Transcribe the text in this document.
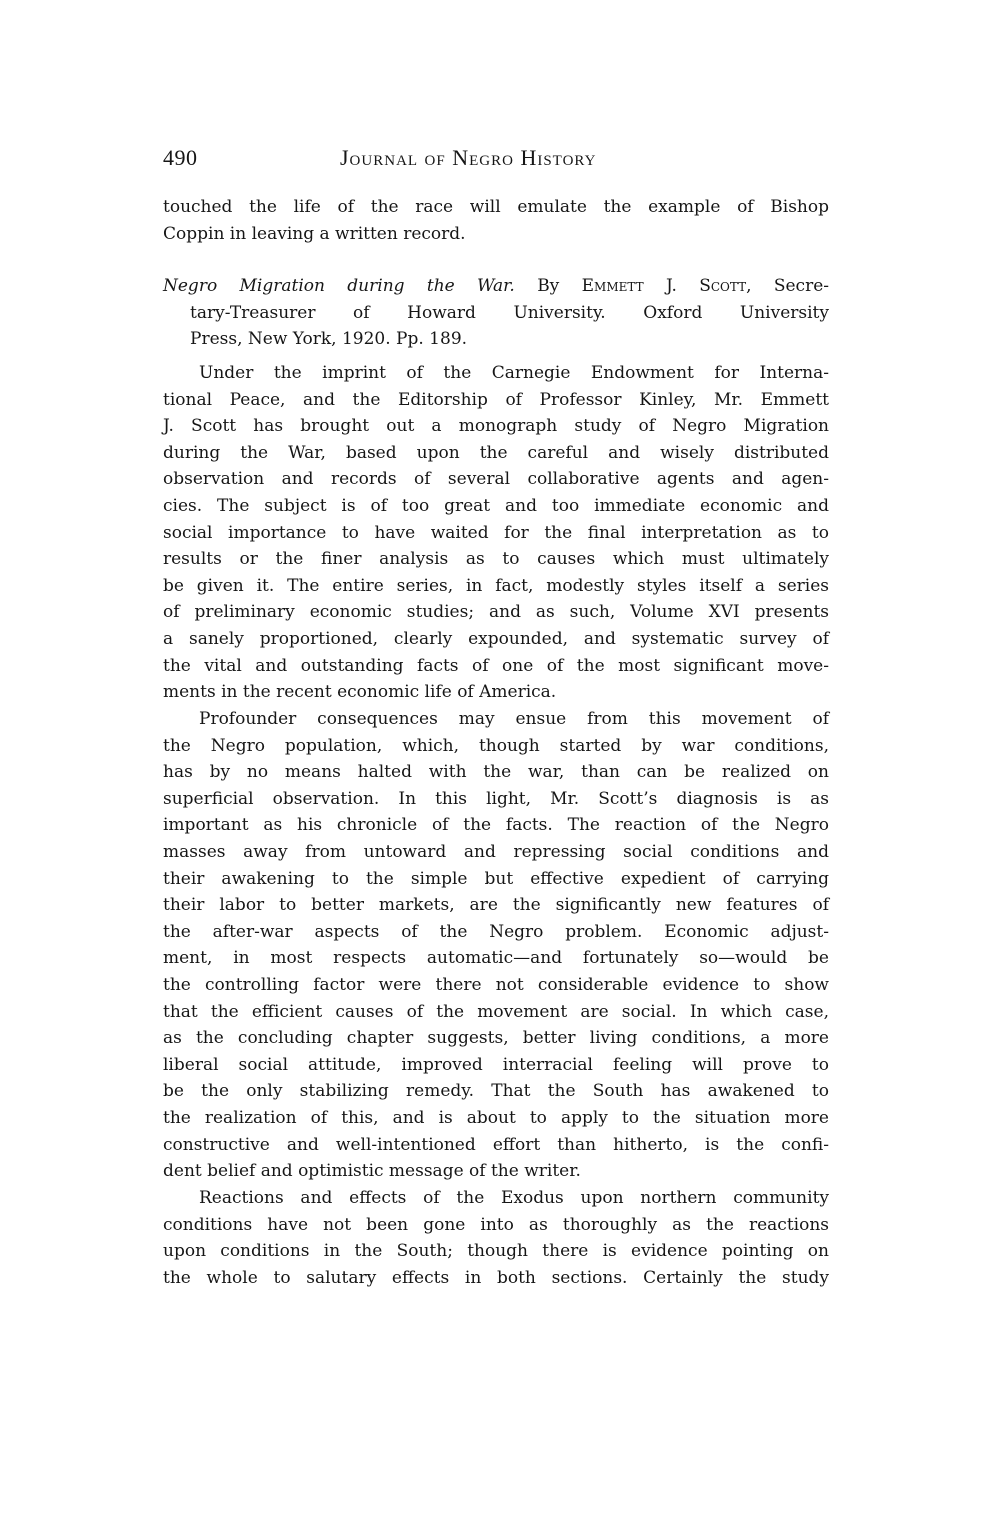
490	Journal of Negro History
touched the life of the race will emulate the example of Bishop
Coppin in leaving a written record.
Negro Migration during the War. By Emmett J. Scott, Secre-
tary-Treasurer of Howard University. Oxford University
Press, New York, 1920. Pp. 189.
Under the imprint of the Carnegie Endowment for Interna-
tional Peace, and the Editorship of Professor Kinley, Mr. Emmett
J. Scott has brought out a monograph study of Negro Migration
during the War, based upon the careful and wisely distributed
observation and records of several collaborative agents and agen-
cies. The subject is of too great and too immediate economic and
social importance to have waited for the final interpretation as to
results or the finer analysis as to causes which must ultimately
be given it. The entire series, in fact, modestly styles itself a series
of preliminary economic studies; and as such, Volume XVI presents
a sanely proportioned, clearly expounded, and systematic survey of
the vital and outstanding facts of one of the most significant move-
ments in the recent economic life of America.
Profounder consequences may ensue from this movement of
the Negro population, which, though started by war conditions,
has by no means halted with the war, than can be realized on
superficial observation. In this light, Mr. Scott’s diagnosis is as
important as his chronicle of the facts. The reaction of the Negro
masses away from untoward and repressing social conditions and
their awakening to the simple but effective expedient of carrying
their labor to better markets, are the significantly new features of
the after-war aspects of the Negro problem. Economic adjust-
ment, in most respects automatic—and fortunately so—would be
the controlling factor were there not considerable evidence to show
that the efficient causes of the movement are social. In which case,
as the concluding chapter suggests, better living conditions, a more
liberal social attitude, improved interracial feeling will prove to
be the only stabilizing remedy. That the South has awakened to
the realization of this, and is about to apply to the situation more
constructive and well-intentioned effort than hitherto, is the confi-
dent belief and optimistic message of the writer.
Reactions and effects of the Exodus upon northern community
conditions have not been gone into as thoroughly as the reactions
upon conditions in the South; though there is evidence pointing on
the whole to salutary effects in both sections. Certainly the study
